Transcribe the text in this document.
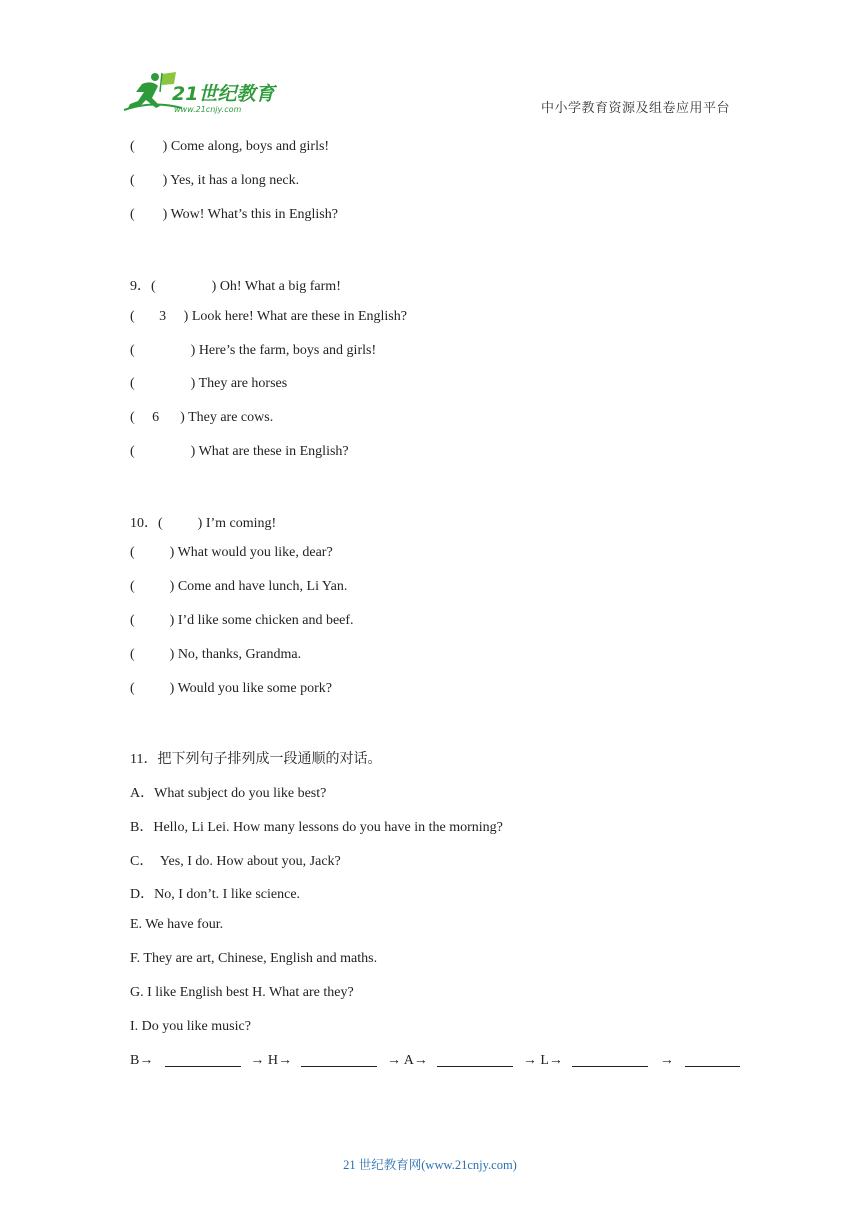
21世纪教育
www.21cnjy.com	中小学教育资源及组卷应用平台
(        ) Come along, boys and girls!
(        ) Yes, it has a long neck.
(        ) Wow! What’s this in English?
9．(                ) Oh! What a big farm!
(       3     ) Look here! What are these in English?
(                ) Here’s the farm, boys and girls!
(                ) They are horses
(     6      ) They are cows.
(                ) What are these in English?
10．(          ) I’m coming!
(          ) What would you like, dear?
(          ) Come and have lunch, Li Yan.
(          ) I’d like some chicken and beef.
(          ) No, thanks, Grandma.
(          ) Would you like some pork?
11．把下列句子排列成一段通顺的对话。
A．What subject do you like best?
B．Hello, Li Lei. How many lessons do you have in the morning?
C．  Yes, I do. How about you, Jack?
D．No, I don’t. I like science.
E. We have four.
F. They are art, Chinese, English and maths.
G. I like English best H. What are they?
I. Do you like music?
B→	→ H→	→ A→	→ L→	→
21 世纪教育网(www.21cnjy.com)
